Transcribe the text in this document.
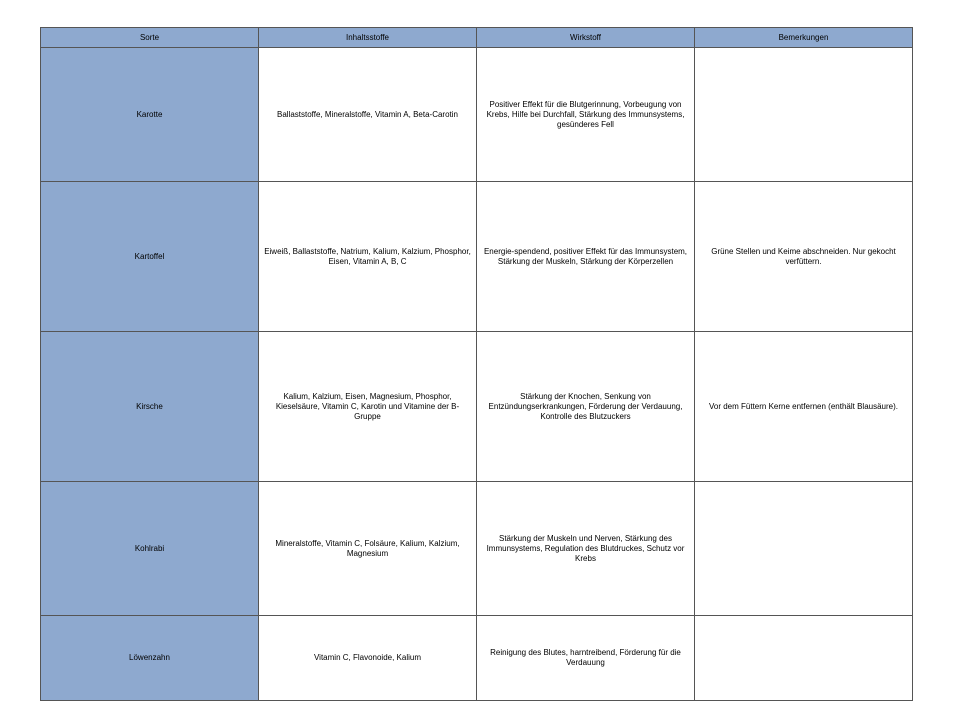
Sorte	Inhaltsstoffe	Wirkstoff	Bemerkungen
Karotte	Ballaststoffe, Mineralstoffe, Vitamin A, Beta-Carotin	Positiver Effekt für die Blutgerinnung, Vorbeugung von Krebs, Hilfe bei Durchfall, Stärkung des Immunsystems, gesünderes Fell	
Kartoffel	Eiweiß, Ballaststoffe, Natrium, Kalium, Kalzium, Phosphor, Eisen, Vitamin A, B, C	Energie-spendend, positiver Effekt für das Immunsystem, Stärkung der Muskeln, Stärkung der Körperzellen	Grüne Stellen und Keime abschneiden. Nur gekocht verfüttern.
Kirsche	Kalium, Kalzium, Eisen, Magnesium, Phosphor, Kieselsäure, Vitamin C, Karotin und Vitamine der B-Gruppe	Stärkung der Knochen, Senkung von Entzündungserkrankungen, Förderung der Verdauung, Kontrolle des Blutzuckers	Vor dem Füttern Kerne entfernen (enthält Blausäure).
Kohlrabi	Mineralstoffe, Vitamin C, Folsäure, Kalium, Kalzium, Magnesium	Stärkung der Muskeln und Nerven, Stärkung des Immunsystems, Regulation des Blutdruckes, Schutz vor Krebs	
Löwenzahn	Vitamin C, Flavonoide, Kalium	Reinigung des Blutes, harntreibend, Förderung für die Verdauung	
